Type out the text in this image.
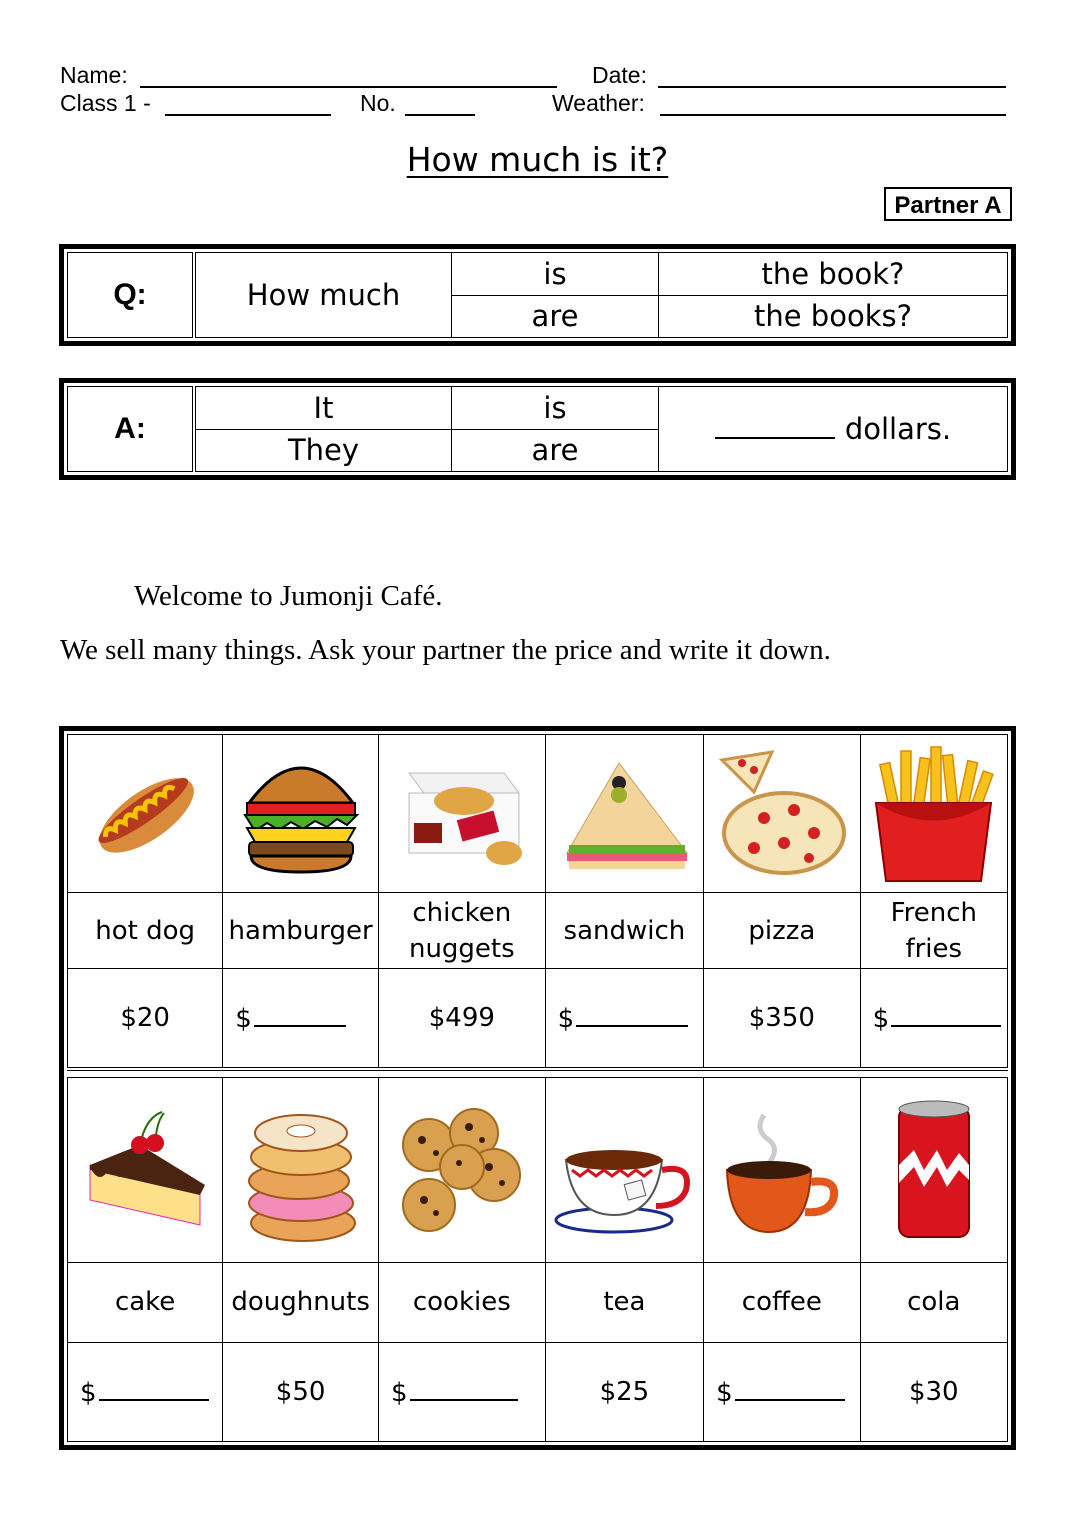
Name:	Date:
Class 1 -	No.	Weather:
How much is it?
Partner A
Q:	How much	is	the book?
		are	the books?
A:	It	is	dollars.
	They	are	
Welcome to Jumonji Café.
We sell many things. Ask your partner the price and write it down.

hot dog	hamburger	chicken nuggets	sandwich	pizza	French fries
$20	$	$499	$	$350	$

cake	doughnuts	cookies	tea	coffee	cola
$	$50	$	$25	$	$30
